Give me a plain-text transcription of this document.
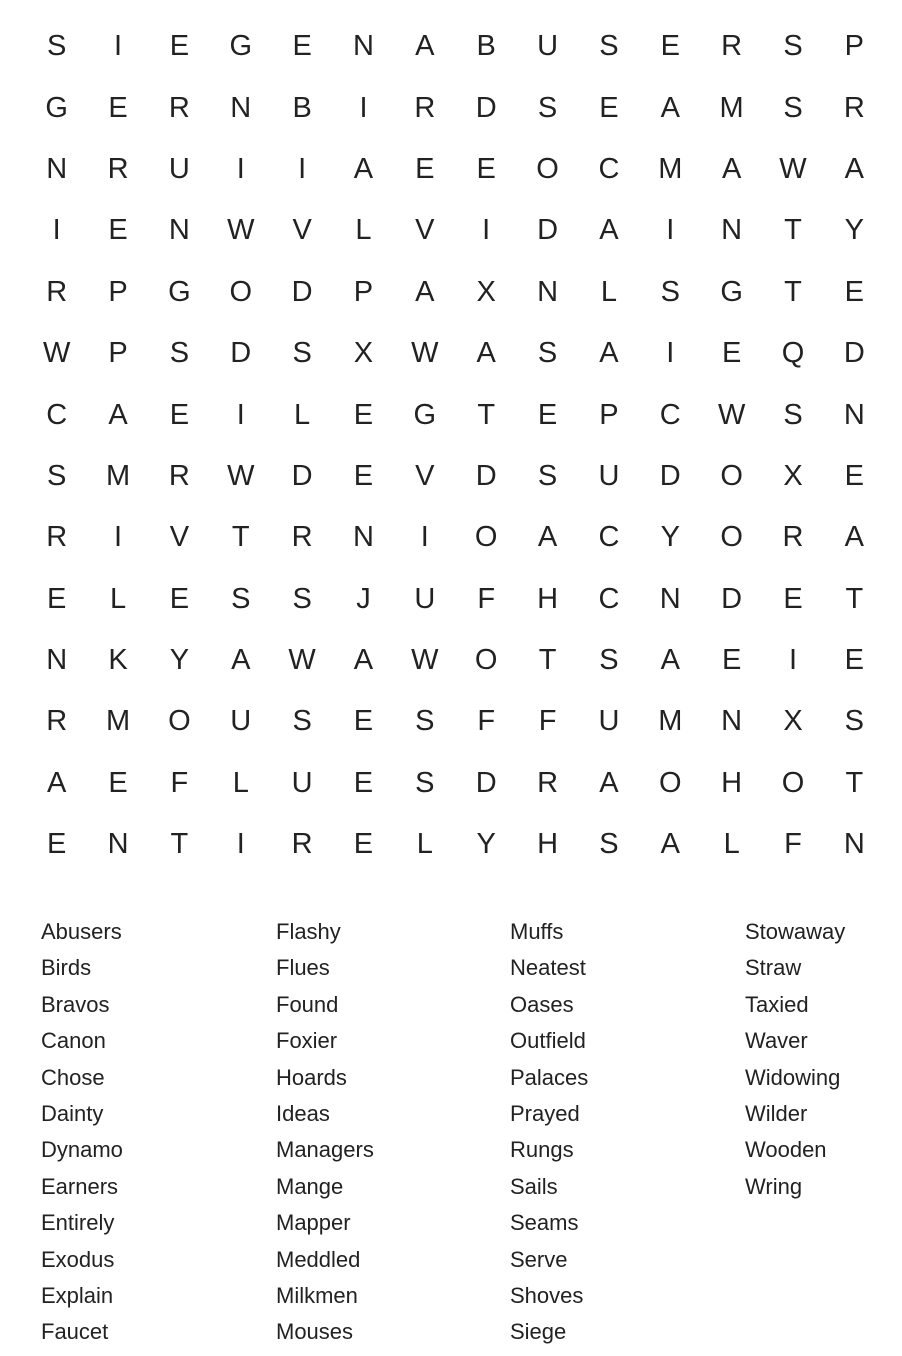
S	I	E	G	E	N	A	B	U	S	E	R	S	P
G	E	R	N	B	I	R	D	S	E	A	M	S	R
N	R	U	I	I	A	E	E	O	C	M	A	W	A
I	E	N	W	V	L	V	I	D	A	I	N	T	Y
R	P	G	O	D	P	A	X	N	L	S	G	T	E
W	P	S	D	S	X	W	A	S	A	I	E	Q	D
C	A	E	I	L	E	G	T	E	P	C	W	S	N
S	M	R	W	D	E	V	D	S	U	D	O	X	E
R	I	V	T	R	N	I	O	A	C	Y	O	R	A
E	L	E	S	S	J	U	F	H	C	N	D	E	T
N	K	Y	A	W	A	W	O	T	S	A	E	I	E
R	M	O	U	S	E	S	F	F	U	M	N	X	S
A	E	F	L	U	E	S	D	R	A	O	H	O	T
E	N	T	I	R	E	L	Y	H	S	A	L	F	N
Abusers
Birds
Bravos
Canon
Chose
Dainty
Dynamo
Earners
Entirely
Exodus
Explain
Faucet
Flashy
Flues
Found
Foxier
Hoards
Ideas
Managers
Mange
Mapper
Meddled
Milkmen
Mouses
Muffs
Neatest
Oases
Outfield
Palaces
Prayed
Rungs
Sails
Seams
Serve
Shoves
Siege
Stowaway
Straw
Taxied
Waver
Widowing
Wilder
Wooden
Wring
